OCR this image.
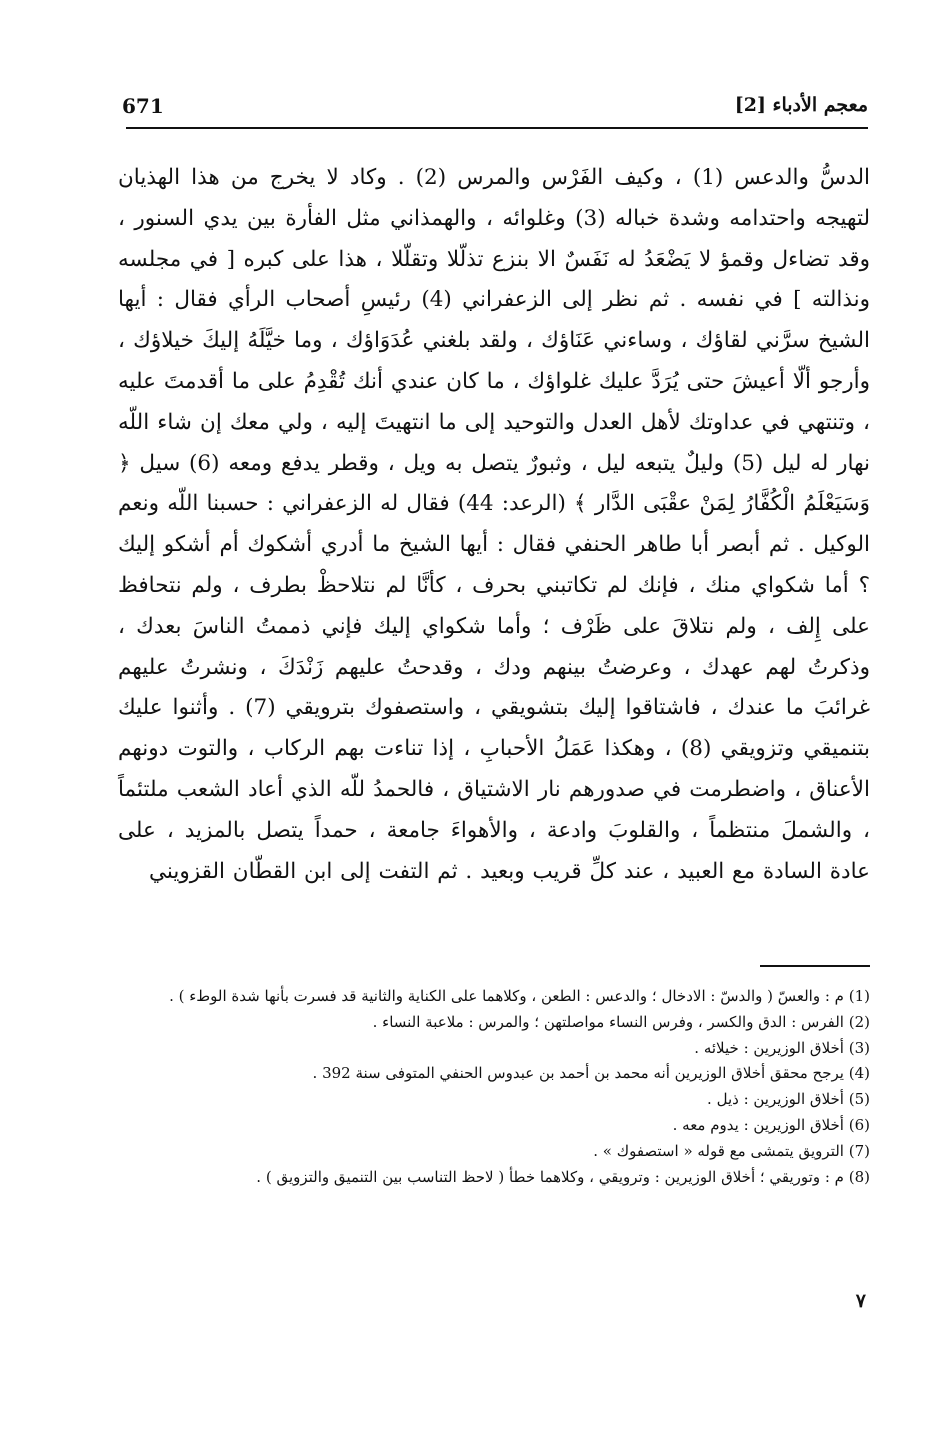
671	معجم الأدباء [2]
الدسُّ والدعس (1) ، وكيف الفَرْس والمرس (2) . وكاد لا يخرج من هذا الهذيان لتهيجه واحتدامه وشدة خباله (3) وغلوائه ، والهمذاني مثل الفأرة بين يدي السنور ، وقد تضاءل وقمؤ لا يَضْعَدُ له نَفَسٌ الا بنزع تذلّلا وتقلّلا ، هذا على كبره [ في مجلسه ونذالته ] في نفسه . ثم نظر إلى الزعفراني (4) رئيسِ أصحاب الرأي فقال : أيها الشيخ سرَّني لقاؤك ، وساءني عَنَاؤك ، ولقد بلغني عُدَوَاؤك ، وما خيَّلَهُ إليكَ خيلاؤك ، وأرجو ألّا أعيشَ حتى يُرَدَّ عليك غلواؤك ، ما كان عندي أنك تُقْدِمُ على ما أقدمتَ عليه ، وتنتهي في عداوتك لأهل العدل والتوحيد إلى ما انتهيتَ إليه ، ولي معك إن شاء اللّه نهار له ليل (5) وليلٌ يتبعه ليل ، وثبورٌ يتصل به ويل ، وقطر يدفع ومعه (6) سيل ﴿ وَسَيَعْلَمُ الْكُفَّارُ لِمَنْ عقْبَى الدَّار ﴾ (الرعد: 44) فقال له الزعفراني : حسبنا اللّه ونعم الوكيل . ثم أبصر أبا طاهر الحنفي فقال : أيها الشيخ ما أدري أشكوك أم أشكو إليك ؟ أما شكواي منك ، فإنك لم تكاتبني بحرف ، كأنَّا لم نتلاحظْ بطرف ، ولم نتحافظ على إِلف ، ولم نتلاقَ على ظَرْف ؛ وأما شكواي إليك فإني ذممتُ الناسَ بعدك ، وذكرتُ لهم عهدك ، وعرضتُ بينهم ودك ، وقدحتُ عليهم زَنْدَكَ ، ونشرتُ عليهم غرائبَ ما عندك ، فاشتاقوا إليك بتشويقي ، واستصفوك بترويقي (7) . وأثنوا عليك بتنميقي وتزويقي (8) ، وهكذا عَمَلُ الأحبابِ ، إذا تناءت بهم الركاب ، والتوت دونهم الأعناق ، واضطرمت في صدورهم نار الاشتياق ، فالحمدُ للّه الذي أعاد الشعب ملتئماً ، والشملَ منتظماً ، والقلوبَ وادعة ، والأهواءَ جامعة ، حمداً يتصل بالمزيد ، على عادة السادة مع العبيد ، عند كلِّ قريب وبعيد . ثم التفت إلى ابن القطّان القزويني
(1) م : والعسّ ( والدسّ : الادخال ؛ والدعس : الطعن ، وكلاهما على الكناية والثانية قد فسرت بأنها شدة الوطء ) .
(2) الفرس : الدق والكسر ، وفرس النساء مواصلتهن ؛ والمرس : ملاعبة النساء .
(3) أخلاق الوزيرين : خيلائه .
(4) يرجح محقق أخلاق الوزيرين أنه محمد بن أحمد بن عبدوس الحنفي المتوفى سنة 392 .
(5) أخلاق الوزيرين : ذيل .
(6) أخلاق الوزيرين : يدوم معه .
(7) الترويق يتمشى مع قوله « استصفوك » .
(8) م : وتوريقي ؛ أخلاق الوزيرين : وترويقي ، وكلاهما خطأ ( لاحظ التناسب بين التنميق والتزويق ) .
٧
